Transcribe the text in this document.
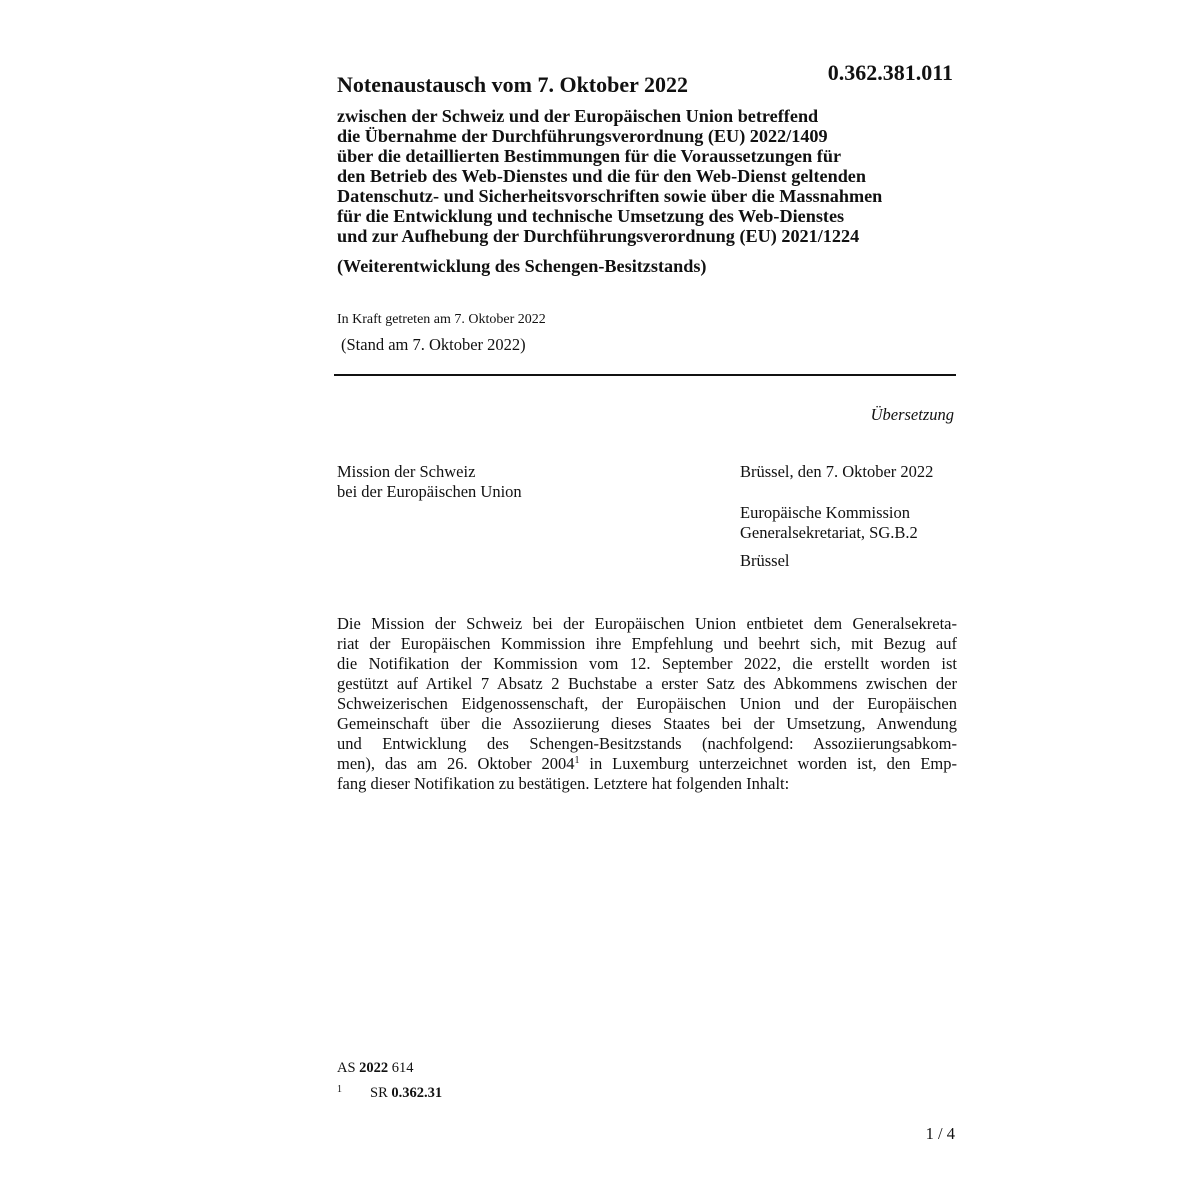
0.362.381.011
Notenaustausch vom 7. Oktober 2022
zwischen der Schweiz und der Europäischen Union betreffend
die Übernahme der Durchführungsverordnung (EU) 2022/1409
über die detaillierten Bestimmungen für die Voraussetzungen für
den Betrieb des Web-Dienstes und die für den Web-Dienst geltenden
Datenschutz- und Sicherheitsvorschriften sowie über die Massnahmen
für die Entwicklung und technische Umsetzung des Web-Dienstes
und zur Aufhebung der Durchführungsverordnung (EU) 2021/1224
(Weiterentwicklung des Schengen-Besitzstands)
In Kraft getreten am 7. Oktober 2022
(Stand am 7. Oktober 2022)
Übersetzung
Mission der Schweiz
bei der Europäischen Union
Brüssel, den 7. Oktober 2022
Europäische Kommission
Generalsekretariat, SG.B.2
Brüssel
Die Mission der Schweiz bei der Europäischen Union entbietet dem Generalsekreta-
riat der Europäischen Kommission ihre Empfehlung und beehrt sich, mit Bezug auf
die Notifikation der Kommission vom 12. September 2022, die erstellt worden ist
gestützt auf Artikel 7 Absatz 2 Buchstabe a erster Satz des Abkommens zwischen der
Schweizerischen Eidgenossenschaft, der Europäischen Union und der Europäischen
Gemeinschaft über die Assoziierung dieses Staates bei der Umsetzung, Anwendung
und Entwicklung des Schengen-Besitzstands (nachfolgend: Assoziierungsabkom-
men), das am 26. Oktober 2004$^1$ in Luxemburg unterzeichnet worden ist, den Emp-
fang dieser Notifikation zu bestätigen. Letztere hat folgenden Inhalt:
AS 2022 614
1 SR 0.362.31
1 / 4
